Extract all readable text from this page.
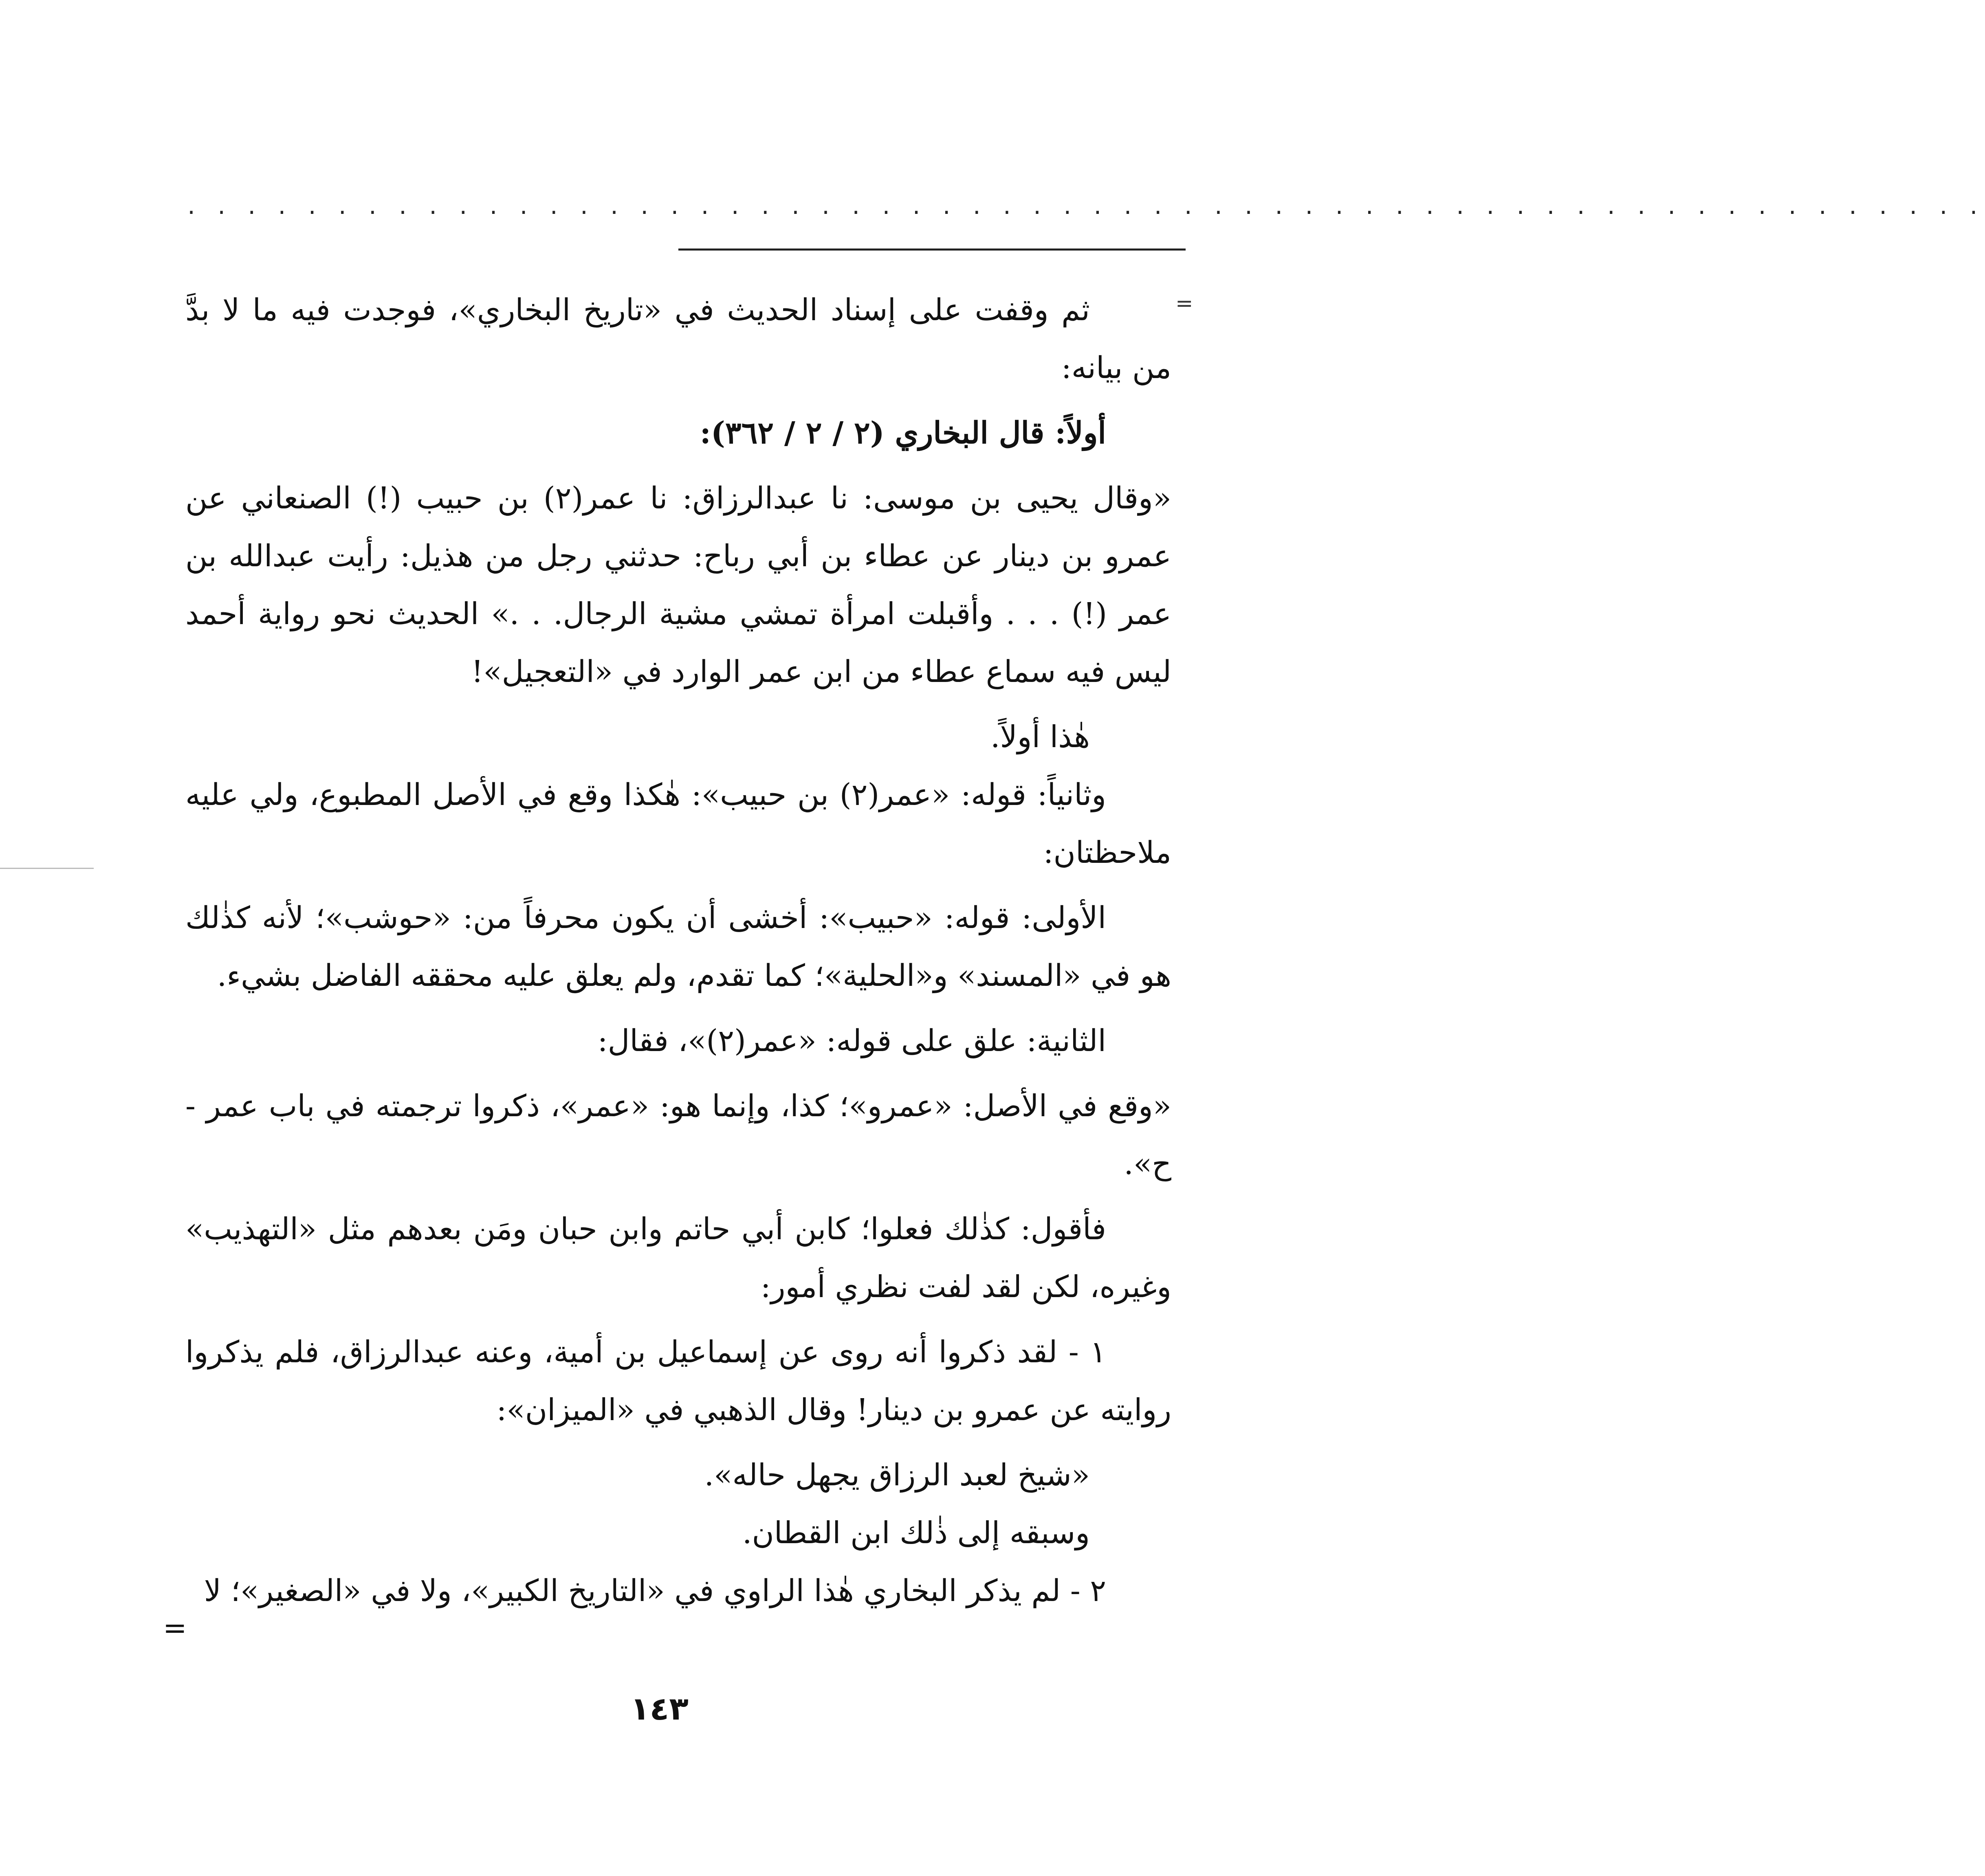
. . . . . . . . . . . . . . . . . . . . . . . . . . . . . . . . . . . . . . . . . . . . . . . . . . . . . . . . . . . .
=

ثم وقفت على إسناد الحديث في «تاريخ البخاري»، فوجدت فيه ما لا بدَّ من بيانه:

أولاً: قال البخاري (٢ / ٢ / ٣٦٢):

«وقال يحيى بن موسى: نا عبدالرزاق: نا عمر(٢) بن حبيب (!) الصنعاني عن عمرو بن دينار عن عطاء بن أبي رباح: حدثني رجل من هذيل: رأيت عبدالله بن عمر (!) . . . وأقبلت امرأة تمشي مشية الرجال. . .» الحديث نحو رواية أحمد ليس فيه سماع عطاء من ابن عمر الوارد في «التعجيل»!

هٰذا أولاً.

وثانياً: قوله: «عمر(٢) بن حبيب»: هٰكذا وقع في الأصل المطبوع، ولي عليه ملاحظتان:

الأولى: قوله: «حبيب»: أخشى أن يكون محرفاً من: «حوشب»؛ لأنه كذٰلك هو في «المسند» و«الحلية»؛ كما تقدم، ولم يعلق عليه محققه الفاضل بشيء.

الثانية: علق على قوله: «عمر(٢)»، فقال:

«وقع في الأصل: «عمرو»؛ كذا، وإنما هو: «عمر»، ذكروا ترجمته في باب عمر - ح».

فأقول: كذٰلك فعلوا؛ كابن أبي حاتم وابن حبان ومَن بعدهم مثل «التهذيب» وغيره، لكن لقد لفت نظري أمور:

١ - لقد ذكروا أنه روى عن إسماعيل بن أمية، وعنه عبدالرزاق، فلم يذكروا روايته عن عمرو بن دينار! وقال الذهبي في «الميزان»:

«شيخ لعبد الرزاق يجهل حاله».

وسبقه إلى ذٰلك ابن القطان.

٢ - لم يذكر البخاري هٰذا الراوي في «التاريخ الكبير»، ولا في «الصغير»؛ لا

=
١٤٣
